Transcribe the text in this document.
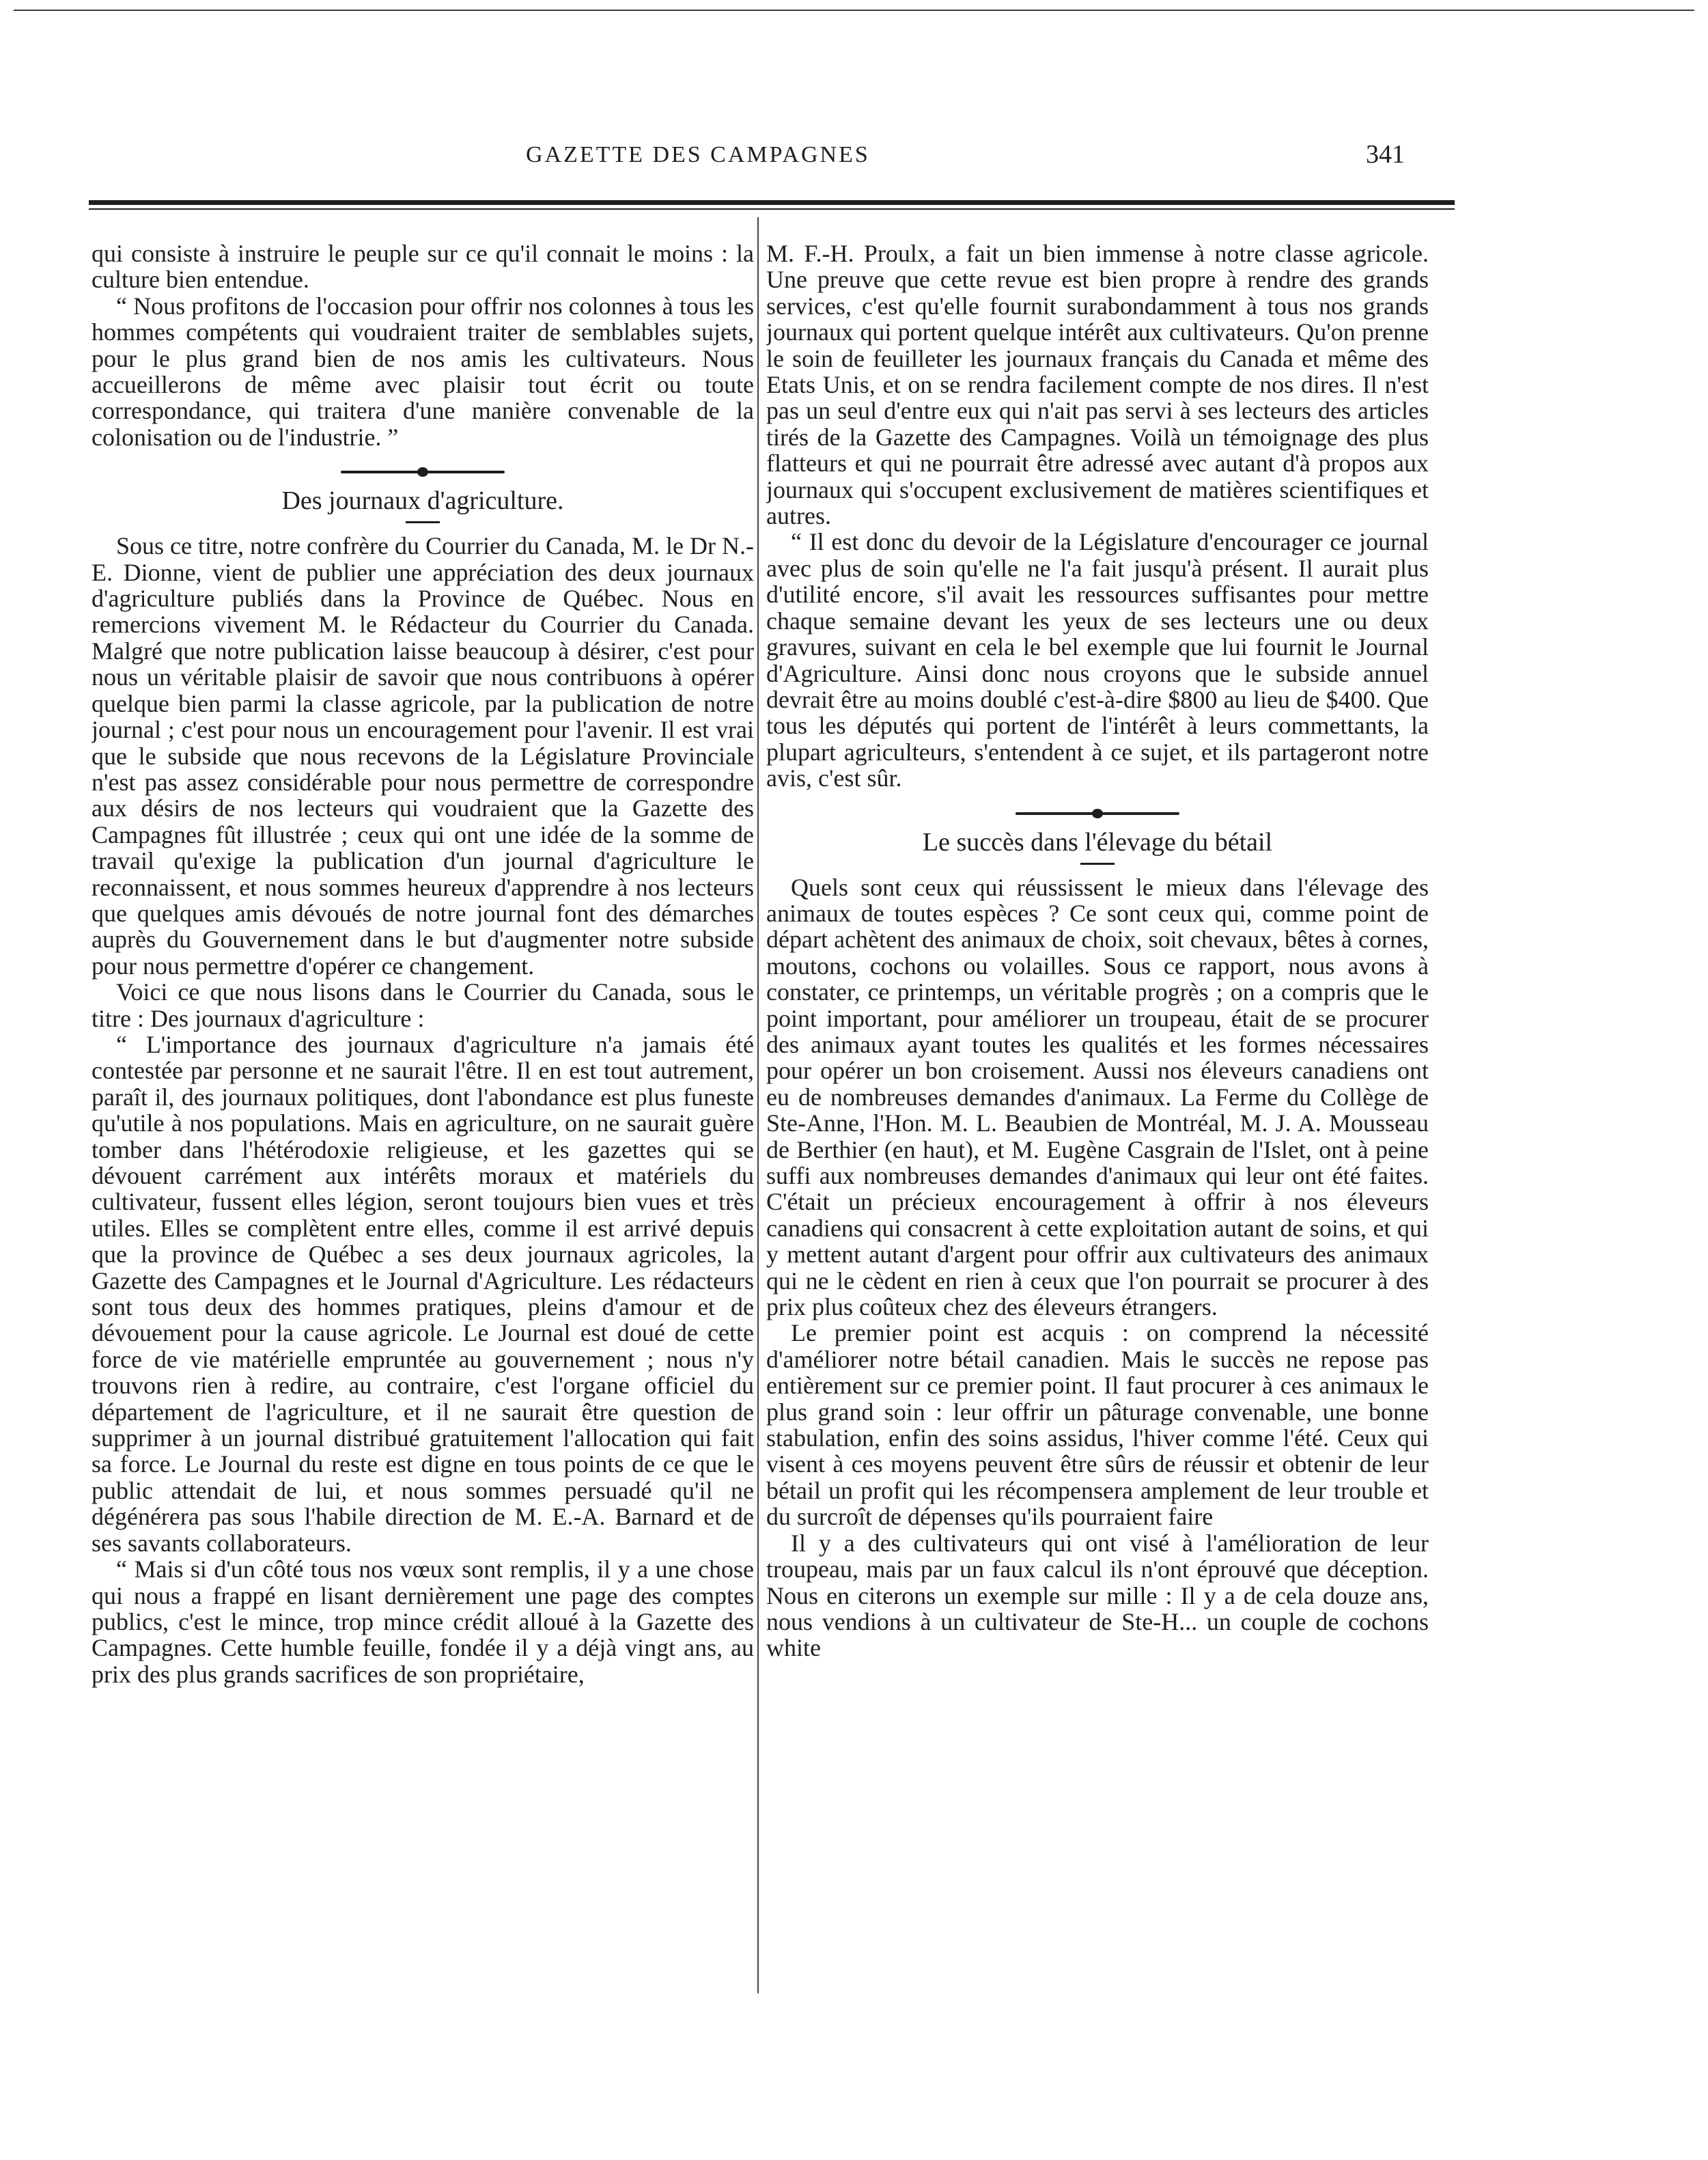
GAZETTE DES CAMPAGNES	341

qui consiste à instruire le peuple sur ce qu'il connait le moins : la culture bien entendue.

“ Nous profitons de l'occasion pour offrir nos colonnes à tous les hommes compétents qui voudraient traiter de semblables sujets, pour le plus grand bien de nos amis les cultivateurs. Nous accueillerons de même avec plaisir tout écrit ou toute correspondance, qui traitera d'une manière convenable de la colonisation ou de l'industrie. ”

Des journaux d'agriculture.

Sous ce titre, notre confrère du Courrier du Canada, M. le Dr N.-E. Dionne, vient de publier une appréciation des deux journaux d'agriculture publiés dans la Province de Québec. Nous en remercions vivement M. le Rédacteur du Courrier du Canada. Malgré que notre publication laisse beaucoup à désirer, c'est pour nous un véritable plaisir de savoir que nous contribuons à opérer quelque bien parmi la classe agricole, par la publication de notre journal ; c'est pour nous un encouragement pour l'avenir. Il est vrai que le subside que nous recevons de la Législature Provinciale n'est pas assez considérable pour nous permettre de correspondre aux désirs de nos lecteurs qui voudraient que la Gazette des Campagnes fût illustrée ; ceux qui ont une idée de la somme de travail qu'exige la publication d'un journal d'agriculture le reconnaissent, et nous sommes heureux d'apprendre à nos lecteurs que quelques amis dévoués de notre journal font des démarches auprès du Gouvernement dans le but d'augmenter notre subside pour nous permettre d'opérer ce changement.

Voici ce que nous lisons dans le Courrier du Canada, sous le titre : Des journaux d'agriculture :

“ L'importance des journaux d'agriculture n'a jamais été contestée par personne et ne saurait l'être. Il en est tout autrement, paraît il, des journaux politiques, dont l'abondance est plus funeste qu'utile à nos populations. Mais en agriculture, on ne saurait guère tomber dans l'hétérodoxie religieuse, et les gazettes qui se dévouent carrément aux intérêts moraux et matériels du cultivateur, fussent elles légion, seront toujours bien vues et très utiles. Elles se complètent entre elles, comme il est arrivé depuis que la province de Québec a ses deux journaux agricoles, la Gazette des Campagnes et le Journal d'Agriculture. Les rédacteurs sont tous deux des hommes pratiques, pleins d'amour et de dévouement pour la cause agricole. Le Journal est doué de cette force de vie matérielle empruntée au gouvernement ; nous n'y trouvons rien à redire, au contraire, c'est l'organe officiel du département de l'agriculture, et il ne saurait être question de supprimer à un journal distribué gratuitement l'allocation qui fait sa force. Le Journal du reste est digne en tous points de ce que le public attendait de lui, et nous sommes persuadé qu'il ne dégénérera pas sous l'habile direction de M. E.-A. Barnard et de ses savants collaborateurs.

“ Mais si d'un côté tous nos vœux sont remplis, il y a une chose qui nous a frappé en lisant dernièrement une page des comptes publics, c'est le mince, trop mince crédit alloué à la Gazette des Campagnes. Cette humble feuille, fondée il y a déjà vingt ans, au prix des plus grands sacrifices de son propriétaire,

M. F.-H. Proulx, a fait un bien immense à notre classe agricole. Une preuve que cette revue est bien propre à rendre des grands services, c'est qu'elle fournit surabondamment à tous nos grands journaux qui portent quelque intérêt aux cultivateurs. Qu'on prenne le soin de feuilleter les journaux français du Canada et même des Etats Unis, et on se rendra facilement compte de nos dires. Il n'est pas un seul d'entre eux qui n'ait pas servi à ses lecteurs des articles tirés de la Gazette des Campagnes. Voilà un témoignage des plus flatteurs et qui ne pourrait être adressé avec autant d'à propos aux journaux qui s'occupent exclusivement de matières scientifiques et autres.

“ Il est donc du devoir de la Législature d'encourager ce journal avec plus de soin qu'elle ne l'a fait jusqu'à présent. Il aurait plus d'utilité encore, s'il avait les ressources suffisantes pour mettre chaque semaine devant les yeux de ses lecteurs une ou deux gravures, suivant en cela le bel exemple que lui fournit le Journal d'Agriculture. Ainsi donc nous croyons que le subside annuel devrait être au moins doublé c'est-à-dire $800 au lieu de $400. Que tous les députés qui portent de l'intérêt à leurs commettants, la plupart agriculteurs, s'entendent à ce sujet, et ils partageront notre avis, c'est sûr.

Le succès dans l'élevage du bétail

Quels sont ceux qui réussissent le mieux dans l'élevage des animaux de toutes espèces ? Ce sont ceux qui, comme point de départ achètent des animaux de choix, soit chevaux, bêtes à cornes, moutons, cochons ou volailles. Sous ce rapport, nous avons à constater, ce printemps, un véritable progrès ; on a compris que le point important, pour améliorer un troupeau, était de se procurer des animaux ayant toutes les qualités et les formes nécessaires pour opérer un bon croisement. Aussi nos éleveurs canadiens ont eu de nombreuses demandes d'animaux. La Ferme du Collège de Ste-Anne, l'Hon. M. L. Beaubien de Montréal, M. J. A. Mousseau de Berthier (en haut), et M. Eugène Casgrain de l'Islet, ont à peine suffi aux nombreuses demandes d'animaux qui leur ont été faites. C'était un précieux encouragement à offrir à nos éleveurs canadiens qui consacrent à cette exploitation autant de soins, et qui y mettent autant d'argent pour offrir aux cultivateurs des animaux qui ne le cèdent en rien à ceux que l'on pourrait se procurer à des prix plus coûteux chez des éleveurs étrangers.

Le premier point est acquis : on comprend la nécessité d'améliorer notre bétail canadien. Mais le succès ne repose pas entièrement sur ce premier point. Il faut procurer à ces animaux le plus grand soin : leur offrir un pâturage convenable, une bonne stabulation, enfin des soins assidus, l'hiver comme l'été. Ceux qui visent à ces moyens peuvent être sûrs de réussir et obtenir de leur bétail un profit qui les récompensera amplement de leur trouble et du surcroît de dépenses qu'ils pourraient faire

Il y a des cultivateurs qui ont visé à l'amélioration de leur troupeau, mais par un faux calcul ils n'ont éprouvé que déception. Nous en citerons un exemple sur mille : Il y a de cela douze ans, nous vendions à un cultivateur de Ste-H... un couple de cochons white
